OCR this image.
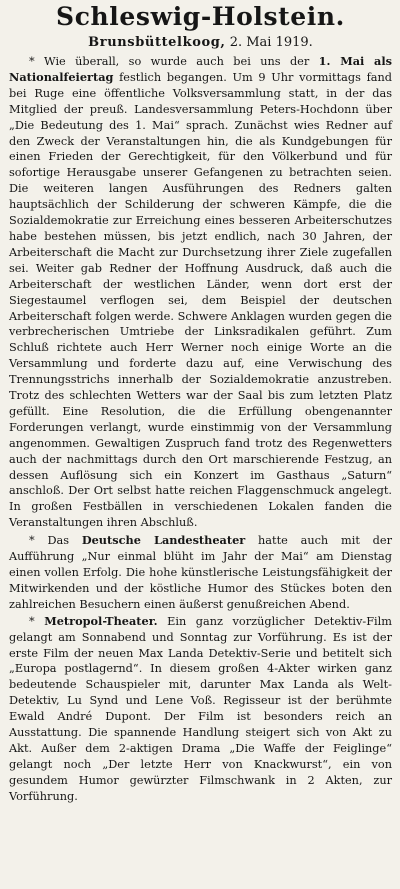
Schleswig-Holstein.
Brunsbüttelkoog, 2. Mai 1919.

* Wie überall, so wurde auch bei uns der 1. Mai als Nationalfeiertag festlich begangen. Um 9 Uhr vormittags fand bei Ruge eine öffentliche Volksversammlung statt, in der das Mitglied der preuß. Landesversammlung Peters-Hochdonn über „Die Bedeutung des 1. Mai“ sprach. Zunächst wies Redner auf den Zweck der Veranstaltungen hin, die als Kundgebungen für einen Frieden der Gerechtigkeit, für den Völkerbund und für sofortige Herausgabe unserer Gefangenen zu betrachten seien. Die weiteren langen Ausführungen des Redners galten hauptsächlich der Schilderung der schweren Kämpfe, die die Sozialdemokratie zur Erreichung eines besseren Arbeiterschutzes habe bestehen müssen, bis jetzt endlich, nach 30 Jahren, der Arbeiterschaft die Macht zur Durchsetzung ihrer Ziele zugefallen sei. Weiter gab Redner der Hoffnung Ausdruck, daß auch die Arbeiterschaft der westlichen Länder, wenn dort erst der Siegestaumel verflogen sei, dem Beispiel der deutschen Arbeiterschaft folgen werde. Schwere Anklagen wurden gegen die verbrecherischen Umtriebe der Linksradikalen geführt. Zum Schluß richtete auch Herr Werner noch einige Worte an die Versammlung und forderte dazu auf, eine Verwischung des Trennungsstrichs innerhalb der Sozialdemokratie anzustreben. Trotz des schlechten Wetters war der Saal bis zum letzten Platz gefüllt. Eine Resolution, die die Erfüllung obengenannter Forderungen verlangt, wurde einstimmig von der Versammlung angenommen. Gewaltigen Zuspruch fand trotz des Regenwetters auch der nachmittags durch den Ort marschierende Festzug, an dessen Auflösung sich ein Konzert im Gasthaus „Saturn“ anschloß. Der Ort selbst hatte reichen Flaggenschmuck angelegt. In großen Festbällen in verschiedenen Lokalen fanden die Veranstaltungen ihren Abschluß.

* Das Deutsche Landestheater hatte auch mit der Aufführung „Nur einmal blüht im Jahr der Mai“ am Dienstag einen vollen Erfolg. Die hohe künstlerische Leistungsfähigkeit der Mitwirkenden und der köstliche Humor des Stückes boten den zahlreichen Besuchern einen äußerst genußreichen Abend.

* Metropol-Theater. Ein ganz vorzüglicher Detektiv-Film gelangt am Sonnabend und Sonntag zur Vorführung. Es ist der erste Film der neuen Max Landa Detektiv-Serie und betitelt sich „Europa postlagernd“. In diesem großen 4-Akter wirken ganz bedeutende Schauspieler mit, darunter Max Landa als Welt-Detektiv, Lu Synd und Lene Voß. Regisseur ist der berühmte Ewald André Dupont. Der Film ist besonders reich an Ausstattung. Die spannende Handlung steigert sich von Akt zu Akt. Außer dem 2-aktigen Drama „Die Waffe der Feiglinge“ gelangt noch „Der letzte Herr von Knackwurst“, ein von gesundem Humor gewürzter Filmschwank in 2 Akten, zur Vorführung.
